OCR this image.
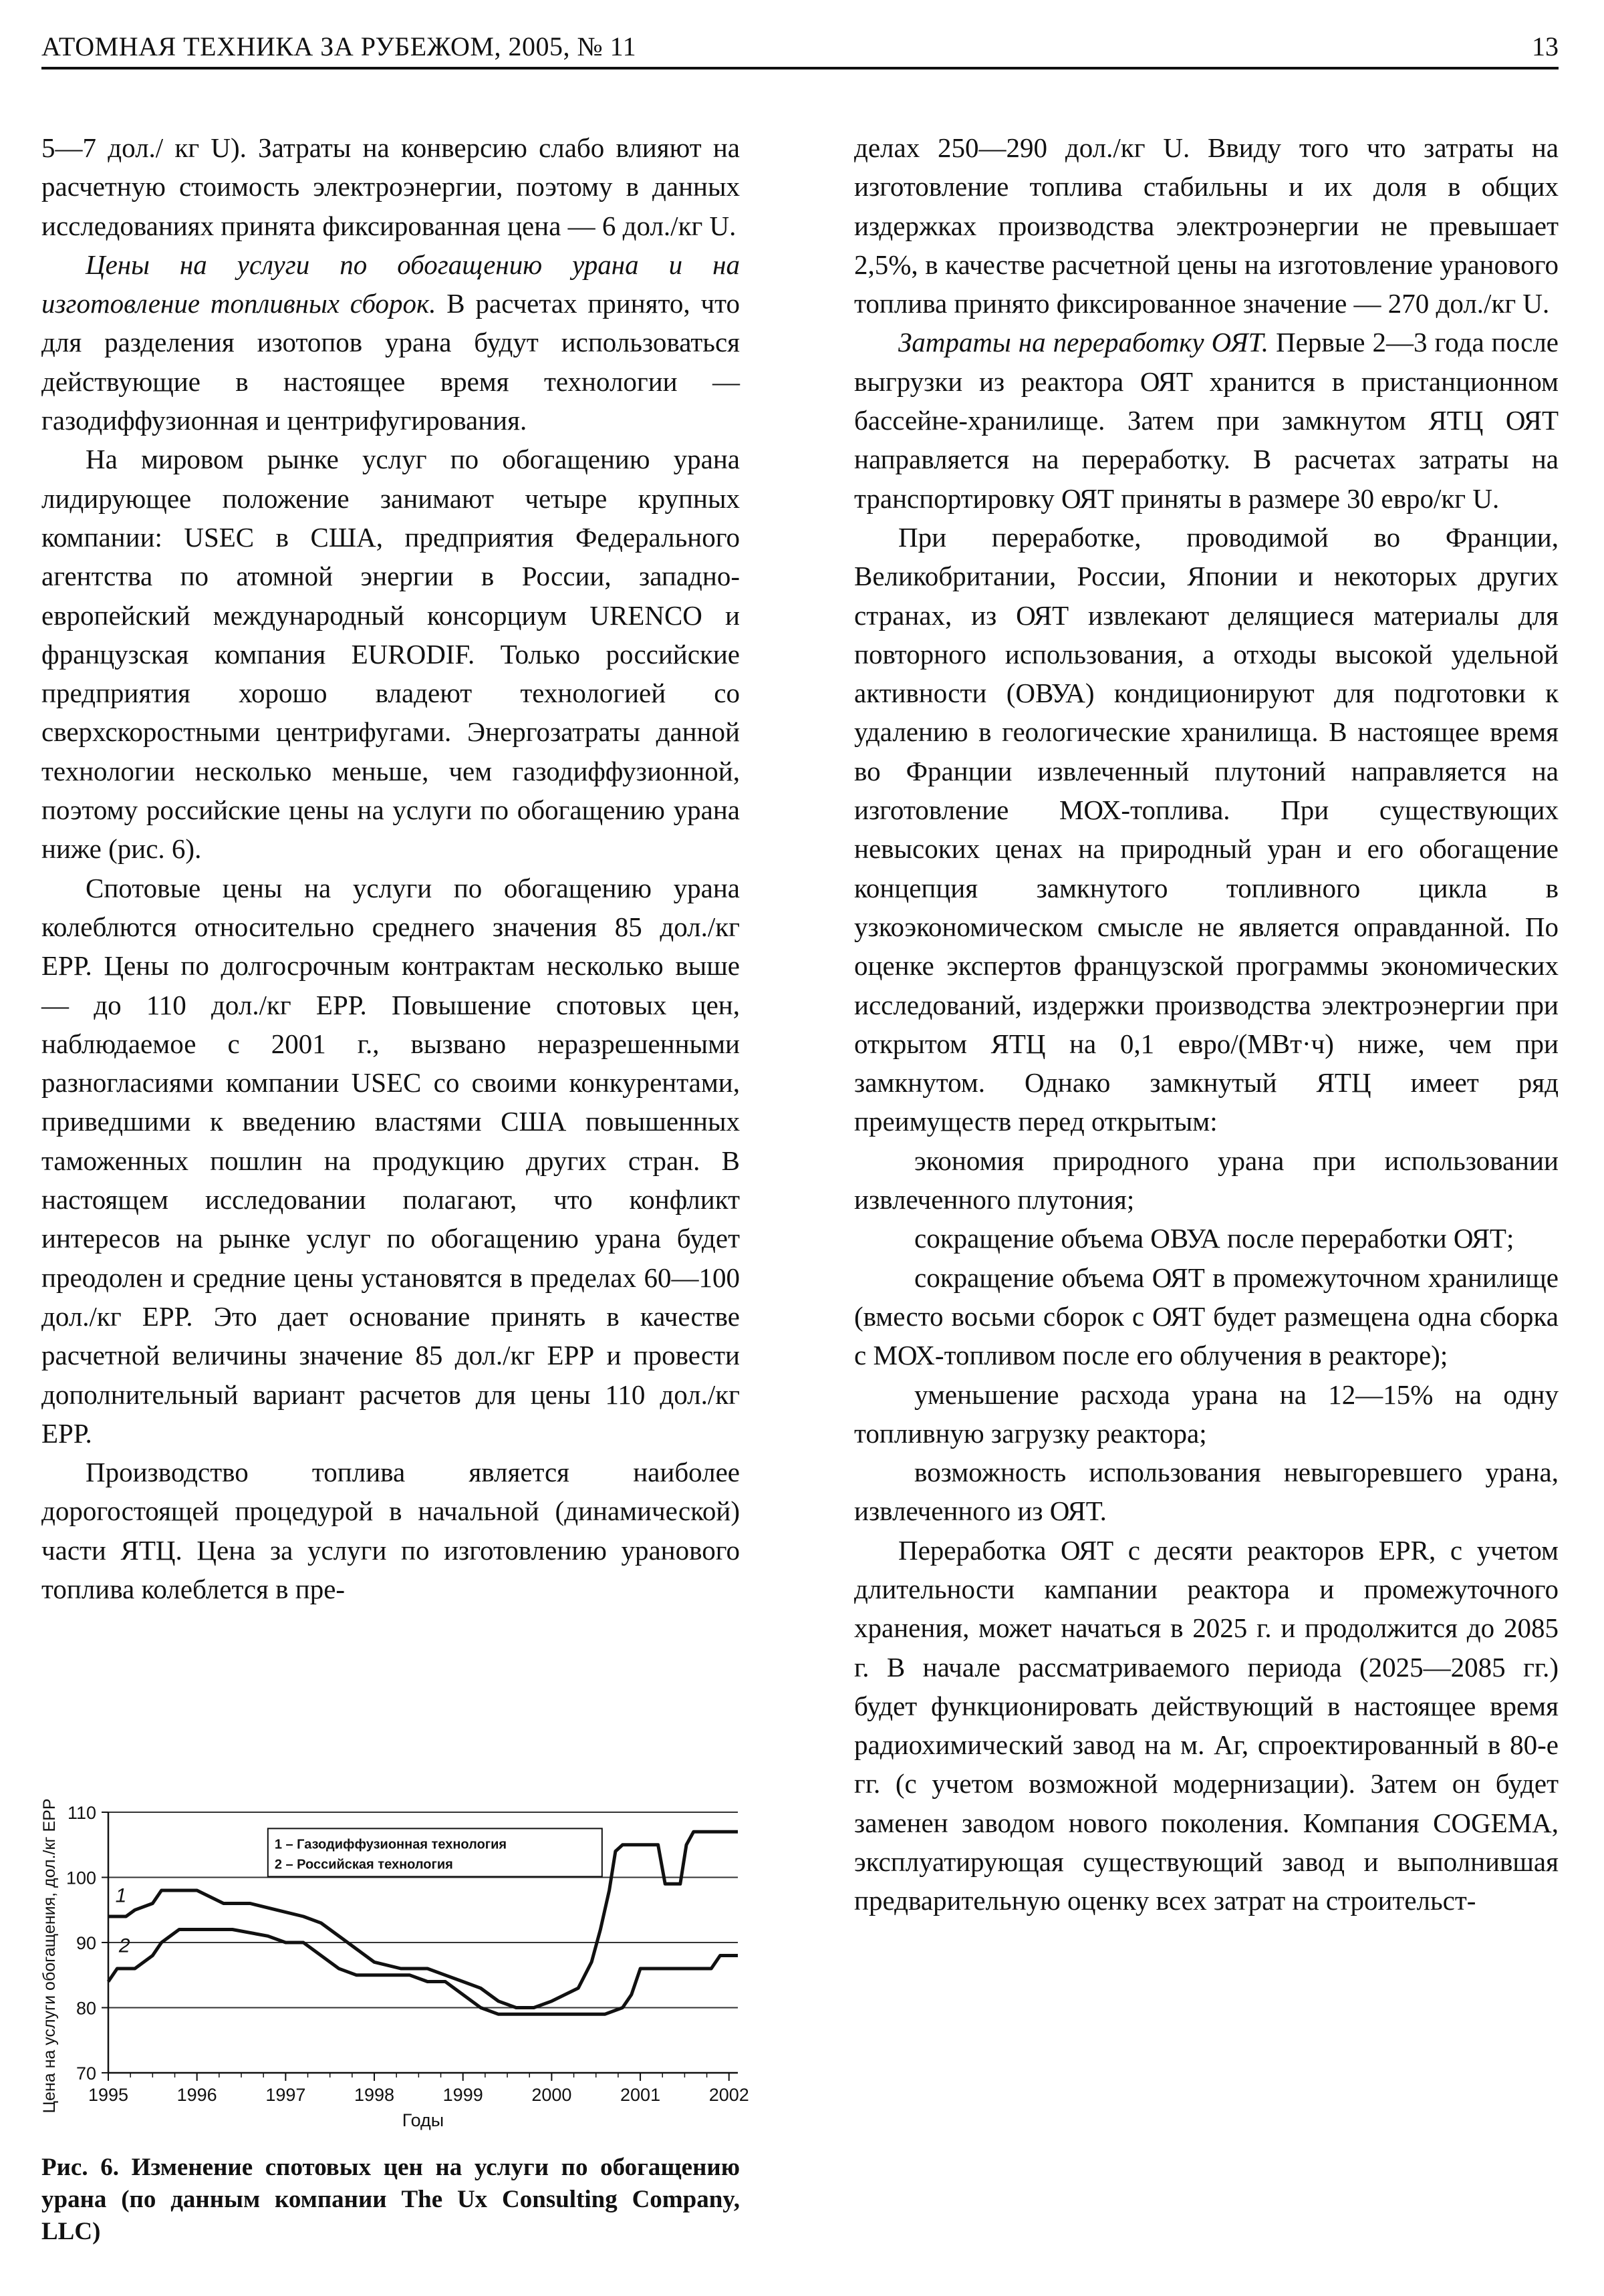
АТОМНАЯ ТЕХНИКА ЗА РУБЕЖОМ, 2005, № 11	13

5—7 дол./ кг U). Затраты на конверсию слабо влияют на расчетную стоимость электроэнергии, поэтому в данных исследованиях принята фиксированная цена — 6 дол./кг U.

Цены на услуги по обогащению урана и на изготовление топливных сборок. В расчетах принято, что для разделения изотопов урана будут использоваться действующие в настоящее время технологии — газодиффузионная и центрифугирования.

На мировом рынке услуг по обогащению урана лидирующее положение занимают четыре крупных компании: USEC в США, предприятия Федерального агентства по атомной энергии в России, западно-европейский международный консорциум URENCO и французская компания EURODIF. Только российские предприятия хорошо владеют технологией со сверхскоростными центрифугами. Энергозатраты данной технологии несколько меньше, чем газодиффузионной, поэтому российские цены на услуги по обогащению урана ниже (рис. 6).

Спотовые цены на услуги по обогащению урана колеблются относительно среднего значения 85 дол./кг ЕРР. Цены по долгосрочным контрактам несколько выше — до 110 дол./кг ЕРР. Повышение спотовых цен, наблюдаемое с 2001 г., вызвано неразрешенными разногласиями компании USEC со своими конкурентами, приведшими к введению властями США повышенных таможенных пошлин на продукцию других стран. В настоящем исследовании полагают, что конфликт интересов на рынке услуг по обогащению урана будет преодолен и средние цены установятся в пределах 60—100 дол./кг ЕРР. Это дает основание принять в качестве расчетной величины значение 85 дол./кг ЕРР и провести дополнительный вариант расчетов для цены 110 дол./кг ЕРР.

Производство топлива является наиболее дорогостоящей процедурой в начальной (динамической) части ЯТЦ. Цена за услуги по изготовлению уранового топлива колеблется в пре-

делах 250—290 дол./кг U. Ввиду того что затраты на изготовление топлива стабильны и их доля в общих издержках производства электроэнергии не превышает 2,5%, в качестве расчетной цены на изготовление уранового топлива принято фиксированное значение — 270 дол./кг U.

Затраты на переработку ОЯТ. Первые 2—3 года после выгрузки из реактора ОЯТ хранится в пристанционном бассейне-хранилище. Затем при замкнутом ЯТЦ ОЯТ направляется на переработку. В расчетах затраты на транспортировку ОЯТ приняты в размере 30 евро/кг U.

При переработке, проводимой во Франции, Великобритании, России, Японии и некоторых других странах, из ОЯТ извлекают делящиеся материалы для повторного использования, а отходы высокой удельной активности (ОВУА) кондиционируют для подготовки к удалению в геологические хранилища. В настоящее время во Франции извлеченный плутоний направляется на изготовление МОХ-топлива. При существующих невысоких ценах на природный уран и его обогащение концепция замкнутого топливного цикла в узкоэкономическом смысле не является оправданной. По оценке экспертов французской программы экономических исследований, издержки производства электроэнергии при открытом ЯТЦ на 0,1 евро/(МВт·ч) ниже, чем при замкнутом. Однако замкнутый ЯТЦ имеет ряд преимуществ перед открытым:

экономия природного урана при использовании извлеченного плутония;

сокращение объема ОВУА после переработки ОЯТ;

сокращение объема ОЯТ в промежуточном хранилище (вместо восьми сборок с ОЯТ будет размещена одна сборка с МОХ-топливом после его облучения в реакторе);

уменьшение расхода урана на 12—15% на одну топливную загрузку реактора;

возможность использования невыгоревшего урана, извлеченного из ОЯТ.

Переработка ОЯТ с десяти реакторов EPR, с учетом длительности кампании реактора и промежуточного хранения, может начаться в 2025 г. и продолжится до 2085 г. В начале рассматриваемого периода (2025—2085 гг.) будет функционировать действующий в настоящее время радиохимический завод на м. Аг, спроектированный в 80-е гг. (с учетом возможной модернизации). Затем он будет заменен заводом нового поколения. Компания COGEMA, эксплуатирующая существующий завод и выполнившая предварительную оценку всех затрат на строительст-

70
80
90
100
110
1995	1996	1997	1998	1999	2000	2001	2002
Годы
Цена на услуги обогащения, дол./кг ЕРР	1
2
1 – Газодиффузионная технология
2 – Российская технология
Рис. 6. Изменение спотовых цен на услуги по обогащению урана (по данным компании The Ux Consulting Company, LLC)
